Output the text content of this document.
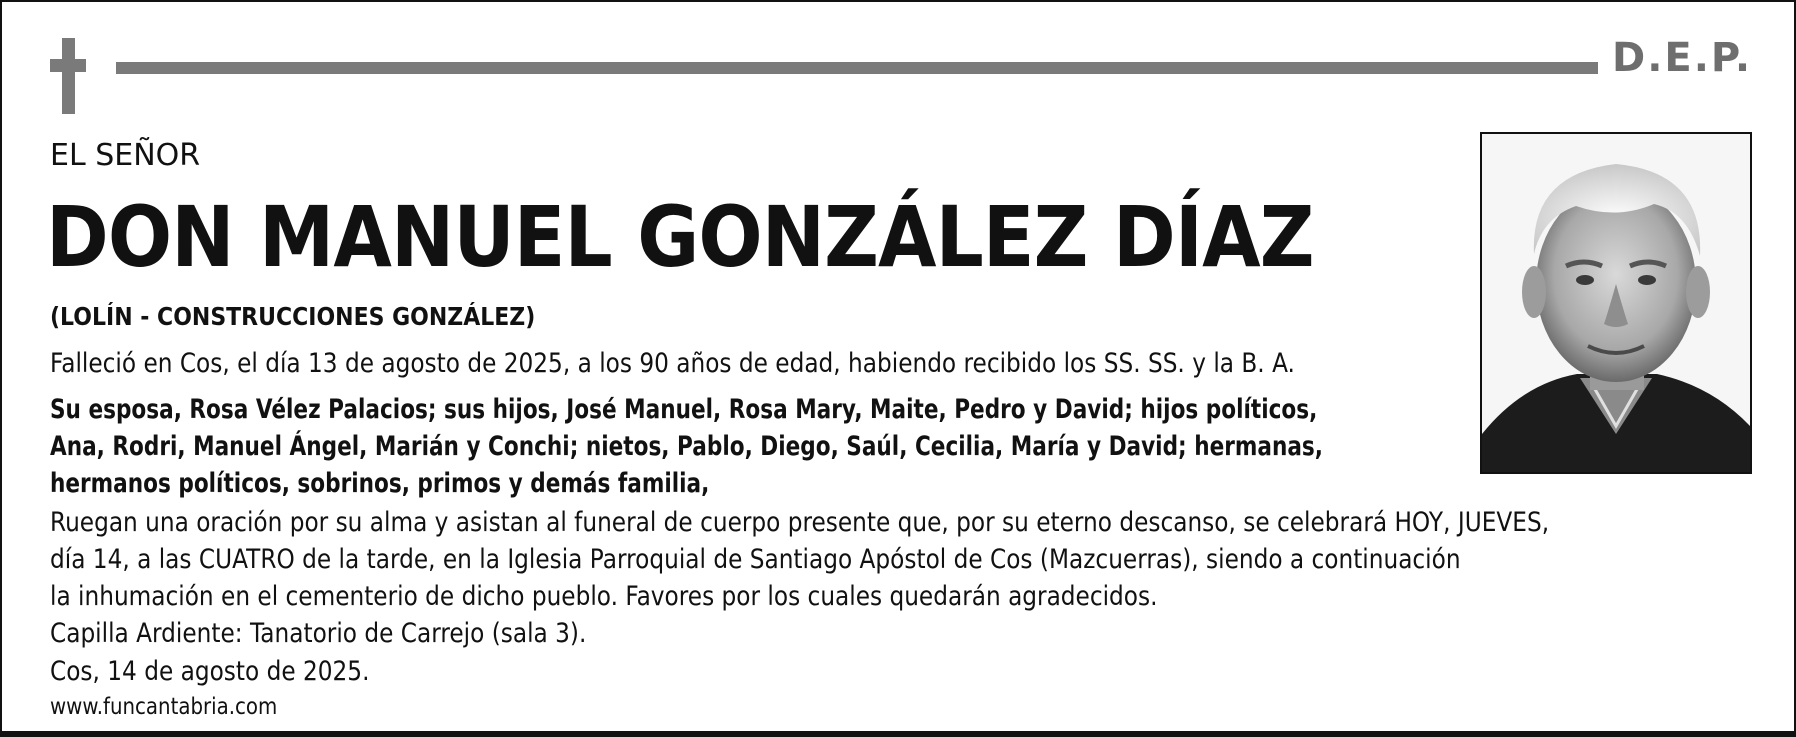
D.E.P.
EL SEÑOR
DON MANUEL GONZÁLEZ DÍAZ
(LOLÍN - CONSTRUCCIONES GONZÁLEZ)
Falleció en Cos, el día 13 de agosto de 2025, a los 90 años de edad, habiendo recibido los SS. SS. y la B. A.
Su esposa, Rosa Vélez Palacios; sus hijos, José Manuel, Rosa Mary, Maite, Pedro y David; hijos políticos,
Ana, Rodri, Manuel Ángel, Marián y Conchi; nietos, Pablo, Diego, Saúl, Cecilia, María y David; hermanas,
hermanos políticos, sobrinos, primos y demás familia,
Ruegan una oración por su alma y asistan al funeral de cuerpo presente que, por su eterno descanso, se celebrará HOY, JUEVES,
día 14, a las CUATRO de la tarde, en la Iglesia Parroquial de Santiago Apóstol de Cos (Mazcuerras), siendo a continuación
la inhumación en el cementerio de dicho pueblo. Favores por los cuales quedarán agradecidos.
Capilla Ardiente: Tanatorio de Carrejo (sala 3).
Cos, 14 de agosto de 2025.
www.funcantabria.com
